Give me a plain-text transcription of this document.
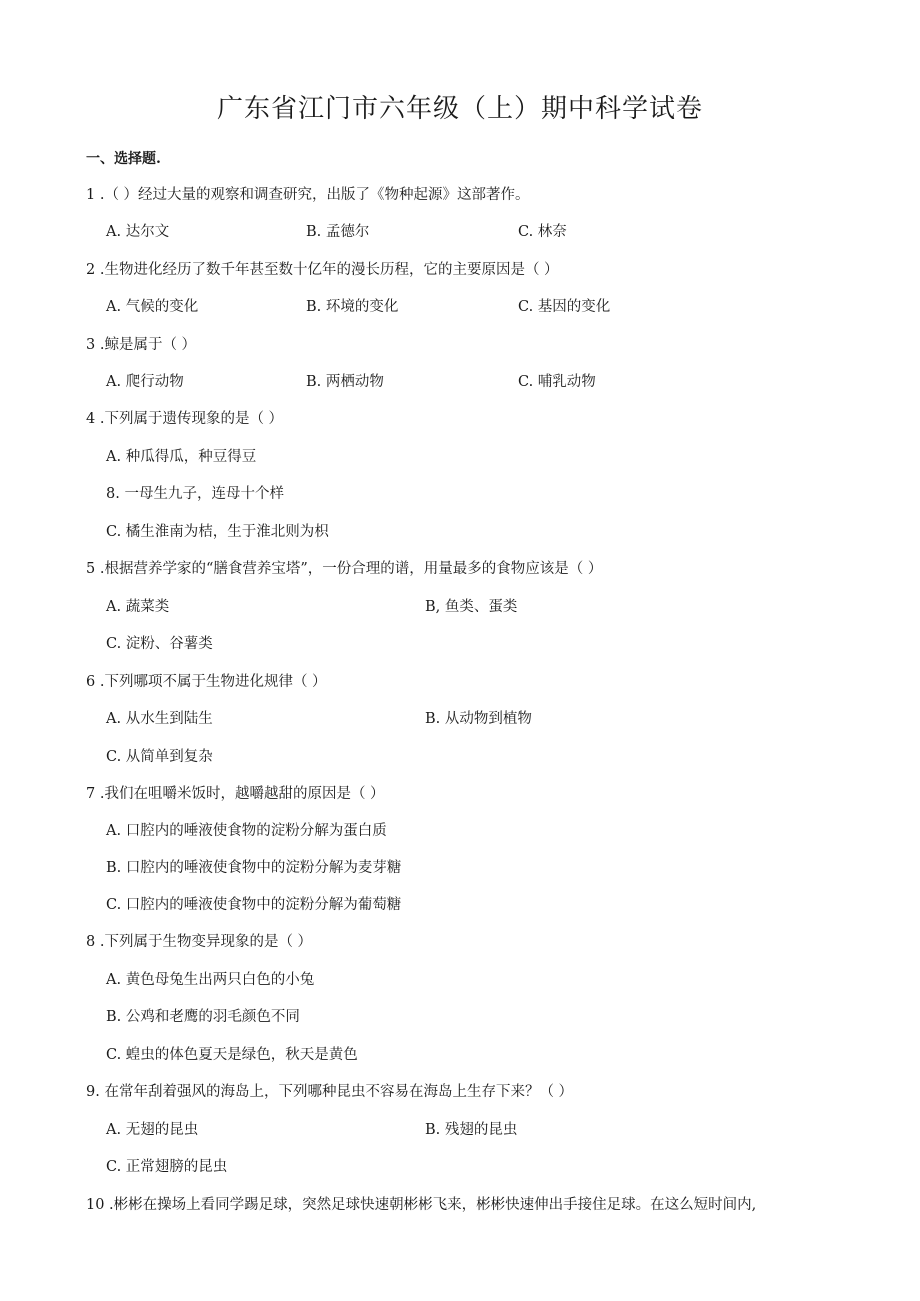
广东省江门市六年级（上）期中科学试卷
一、选择题.
1 .（ ）经过大量的观察和调查研究，出版了《物种起源》这部著作。
A. 达尔文	B. 孟德尔	C. 林奈
2 .生物进化经历了数千年甚至数十亿年的漫长历程，它的主要原因是（ ）
A. 气候的变化	B. 环境的变化	C. 基因的变化
3 .鲸是属于（ ）
A. 爬行动物	B. 两栖动物	C. 哺乳动物
4 .下列属于遗传现象的是（ ）
A. 种瓜得瓜，种豆得豆
8. 一母生九子，连母十个样
C. 橘生淮南为桔，生于淮北则为枳
5 .根据营养学家的“膳食营养宝塔”，一份合理的谱，用量最多的食物应该是（ ）
A. 蔬菜类	B, 鱼类、蛋类
C. 淀粉、谷薯类
6 .下列哪项不属于生物进化规律（ ）
A. 从水生到陆生	B. 从动物到植物
C. 从简单到复杂
7 .我们在咀嚼米饭时，越嚼越甜的原因是（ ）
A. 口腔内的唾液使食物的淀粉分解为蛋白质
B. 口腔内的唾液使食物中的淀粉分解为麦芽糖
C. 口腔内的唾液使食物中的淀粉分解为葡萄糖
8 .下列属于生物变异现象的是（ ）
A. 黄色母兔生出两只白色的小兔
B. 公鸡和老鹰的羽毛颜色不同
C. 蝗虫的体色夏天是绿色，秋天是黄色
9. 在常年刮着强风的海岛上，下列哪种昆虫不容易在海岛上生存下来？（ ）
A. 无翅的昆虫	B. 残翅的昆虫
C. 正常翅膀的昆虫
10 .彬彬在操场上看同学踢足球，突然足球快速朝彬彬飞来，彬彬快速伸出手接住足球。在这么短时间内,
